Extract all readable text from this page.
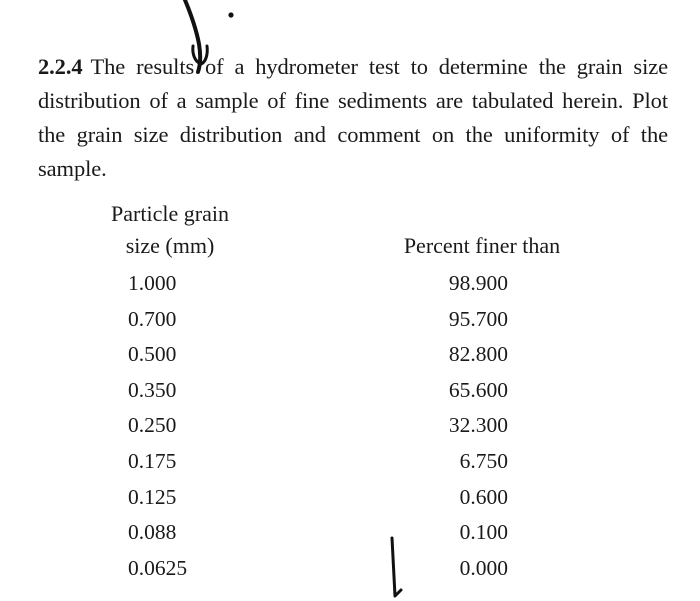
2.2.4 The results of a hydrometer test to determine the grain size distribution of a sample of fine sediments are tabulated herein. Plot the grain size distribution and comment on the uniformity of the sample.
Particle grain
size (mm)	Percent finer than
1.000	98.900
0.700	95.700
0.500	82.800
0.350	65.600
0.250	32.300
0.175	6.750
0.125	0.600
0.088	0.100
0.0625	0.000
